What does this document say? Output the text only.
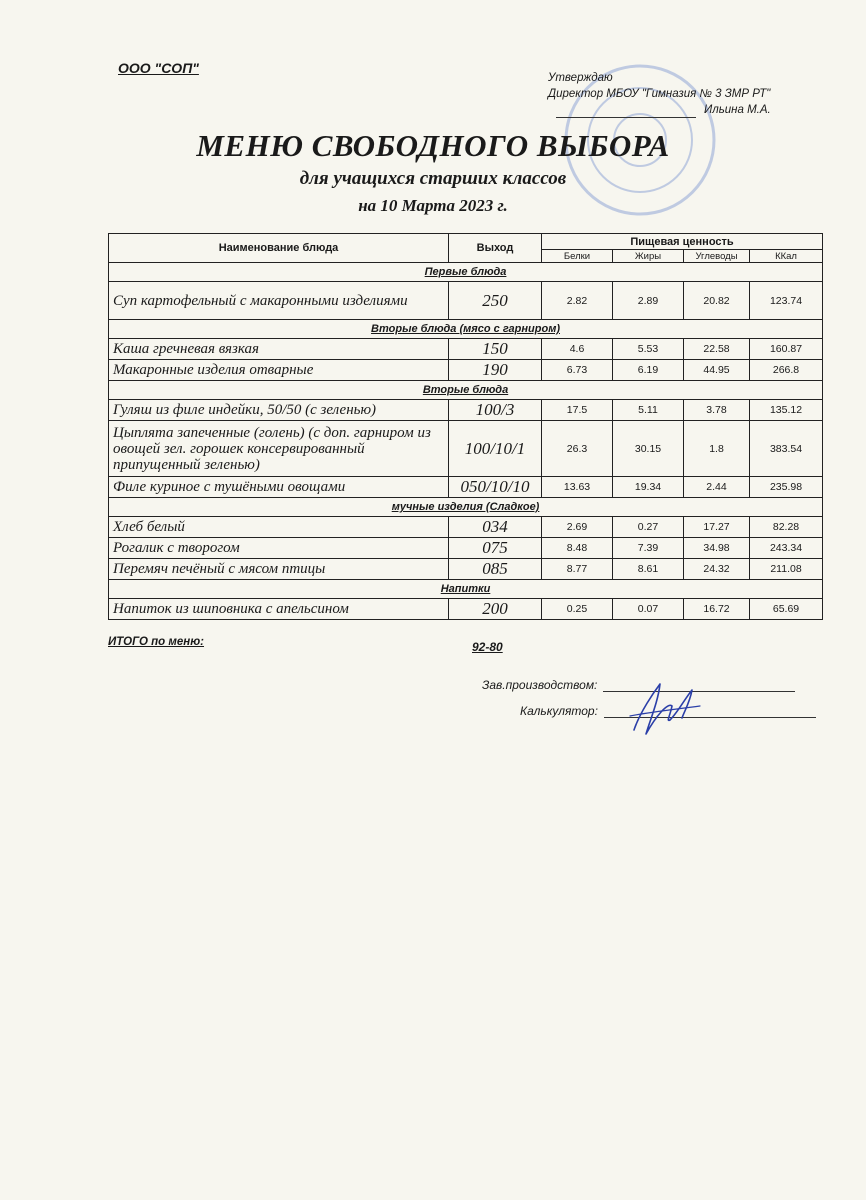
ООО "СОП"
Утверждаю
Директор МБОУ "Гимназия № 3 ЗМР РТ"
Ильина М.А.
МЕНЮ СВОБОДНОГО ВЫБОРА
для учащихся старших классов
на 10 Марта 2023 г.
Наименование блюда	Выход	Пищевая ценность			
		Белки	Жиры	Углеводы	ККал
Первые блюда					
Суп картофельный с макаронными изделиями	250	2.82	2.89	20.82	123.74
Вторые блюда (мясо с гарниром)					
Каша гречневая вязкая	150	4.6	5.53	22.58	160.87
Макаронные изделия отварные	190	6.73	6.19	44.95	266.8
Вторые блюда					
Гуляш из филе индейки, 50/50 (с зеленью)	100/3	17.5	5.11	3.78	135.12
Цыплята запеченные (голень) (с доп. гарниром из овощей зел. горошек консервированный припущенный зеленью)	100/10/1	26.3	30.15	1.8	383.54
Филе куриное с тушёными овощами	050/10/10	13.63	19.34	2.44	235.98
мучные изделия (Сладкое)					
Хлеб белый	034	2.69	0.27	17.27	82.28
Рогалик с творогом	075	8.48	7.39	34.98	243.34
Перемяч печёный с мясом птицы	085	8.77	8.61	24.32	211.08
Напитки					
Напиток из шиповника с апельсином	200	0.25	0.07	16.72	65.69
ИТОГО по меню:	92-80
Зав.производством:
Калькулятор:
